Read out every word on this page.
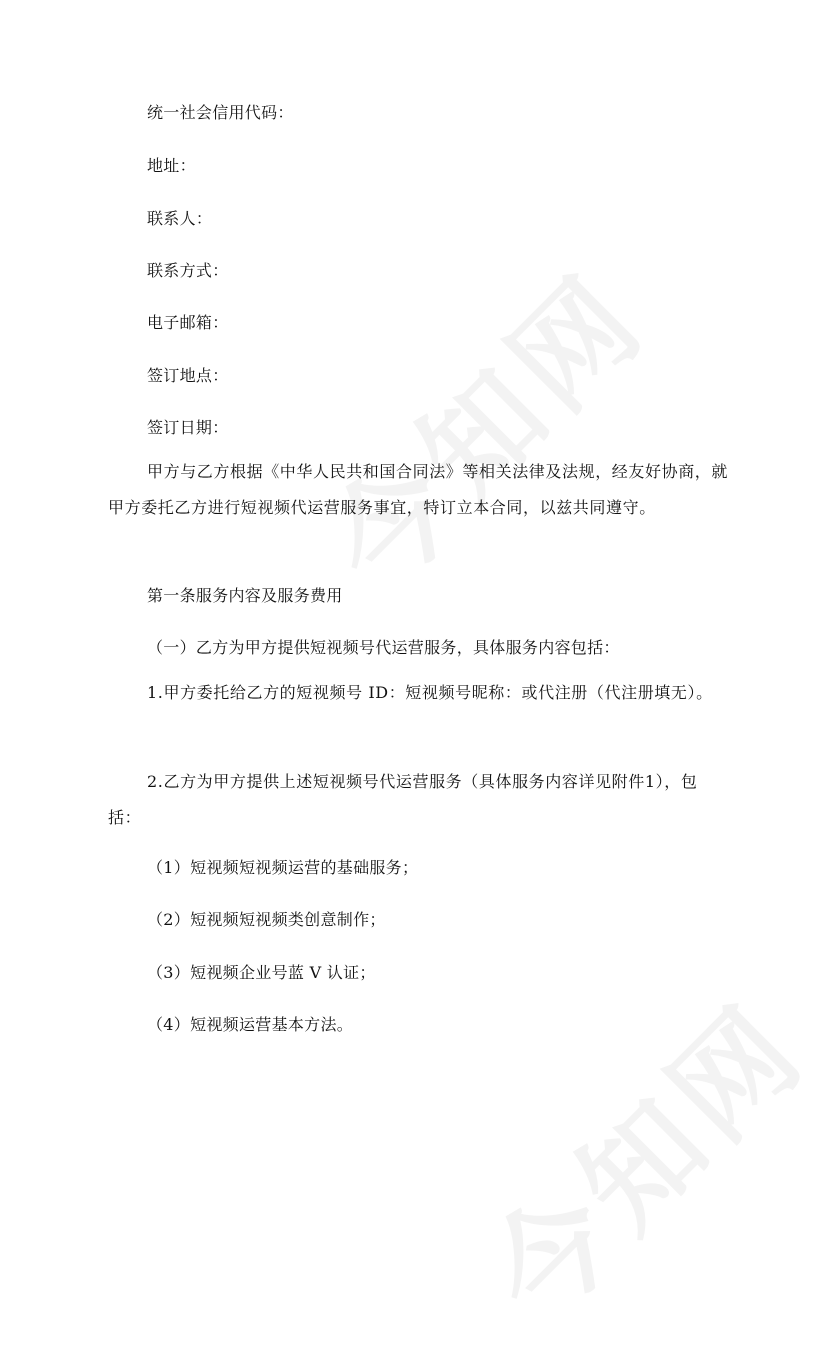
统一社会信用代码：
地址：
联系人：
联系方式：
电子邮箱：
签订地点：
签订日期：
甲方与乙方根据《中华人民共和国合同法》等相关法律及法规，经友好协商，就甲方委托乙方进行短视频代运营服务事宜，特订立本合同，以兹共同遵守。
第一条服务内容及服务费用
（一）乙方为甲方提供短视频号代运营服务，具体服务内容包括：
1.甲方委托给乙方的短视频号 ID：短视频号昵称：或代注册（代注册填无）。
2.乙方为甲方提供上述短视频号代运营服务（具体服务内容详见附件1），包括：
（1）短视频短视频运营的基础服务；
（2）短视频短视频类创意制作；
（3）短视频企业号蓝 V 认证；
（4）短视频运营基本方法。
